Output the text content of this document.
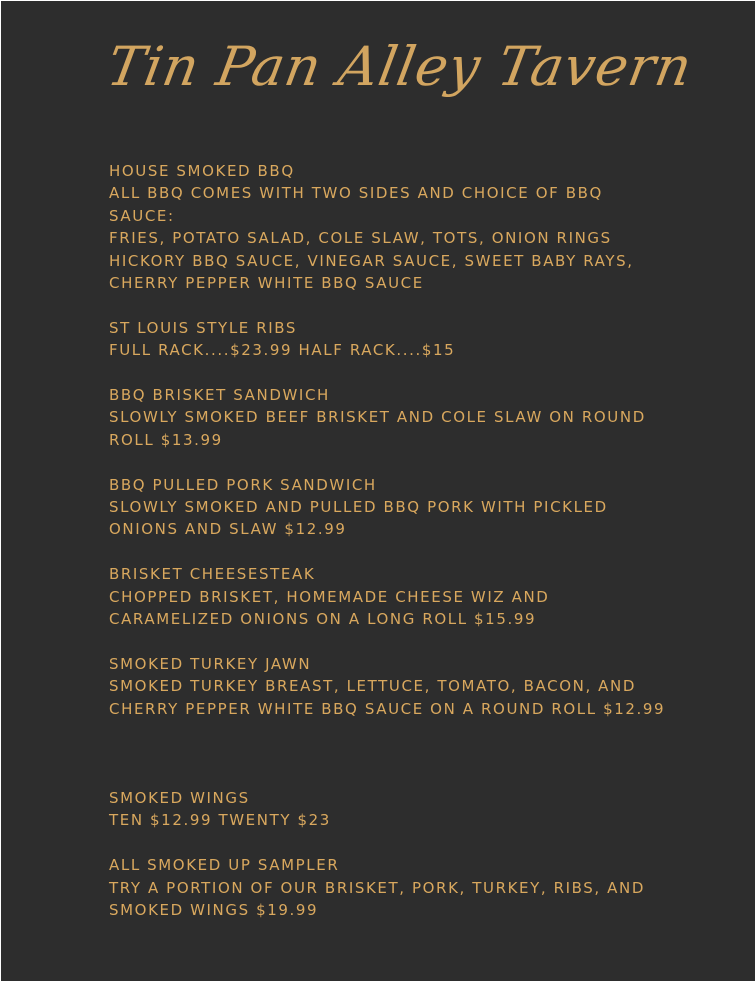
Tin Pan Alley Tavern
HOUSE SMOKED BBQ
ALL BBQ COMES WITH TWO SIDES AND CHOICE OF BBQ SAUCE:
FRIES, POTATO SALAD, COLE SLAW, TOTS, ONION RINGS
HICKORY BBQ SAUCE, VINEGAR SAUCE, SWEET BABY RAYS, CHERRY PEPPER WHITE BBQ SAUCE
ST LOUIS STYLE RIBS
FULL RACK....$23.99 HALF RACK....$15
BBQ BRISKET SANDWICH
SLOWLY SMOKED BEEF BRISKET AND COLE SLAW ON ROUND ROLL $13.99
BBQ PULLED PORK SANDWICH
SLOWLY SMOKED AND PULLED BBQ PORK WITH PICKLED ONIONS AND SLAW $12.99
BRISKET CHEESESTEAK
CHOPPED BRISKET, HOMEMADE CHEESE WIZ AND CARAMELIZED ONIONS ON A LONG ROLL $15.99
SMOKED TURKEY JAWN
SMOKED TURKEY BREAST, LETTUCE, TOMATO, BACON, AND CHERRY PEPPER WHITE BBQ SAUCE ON A ROUND ROLL $12.99
SMOKED WINGS
TEN $12.99 TWENTY $23
ALL SMOKED UP SAMPLER
TRY A PORTION OF OUR BRISKET, PORK, TURKEY, RIBS, AND SMOKED WINGS $19.99
